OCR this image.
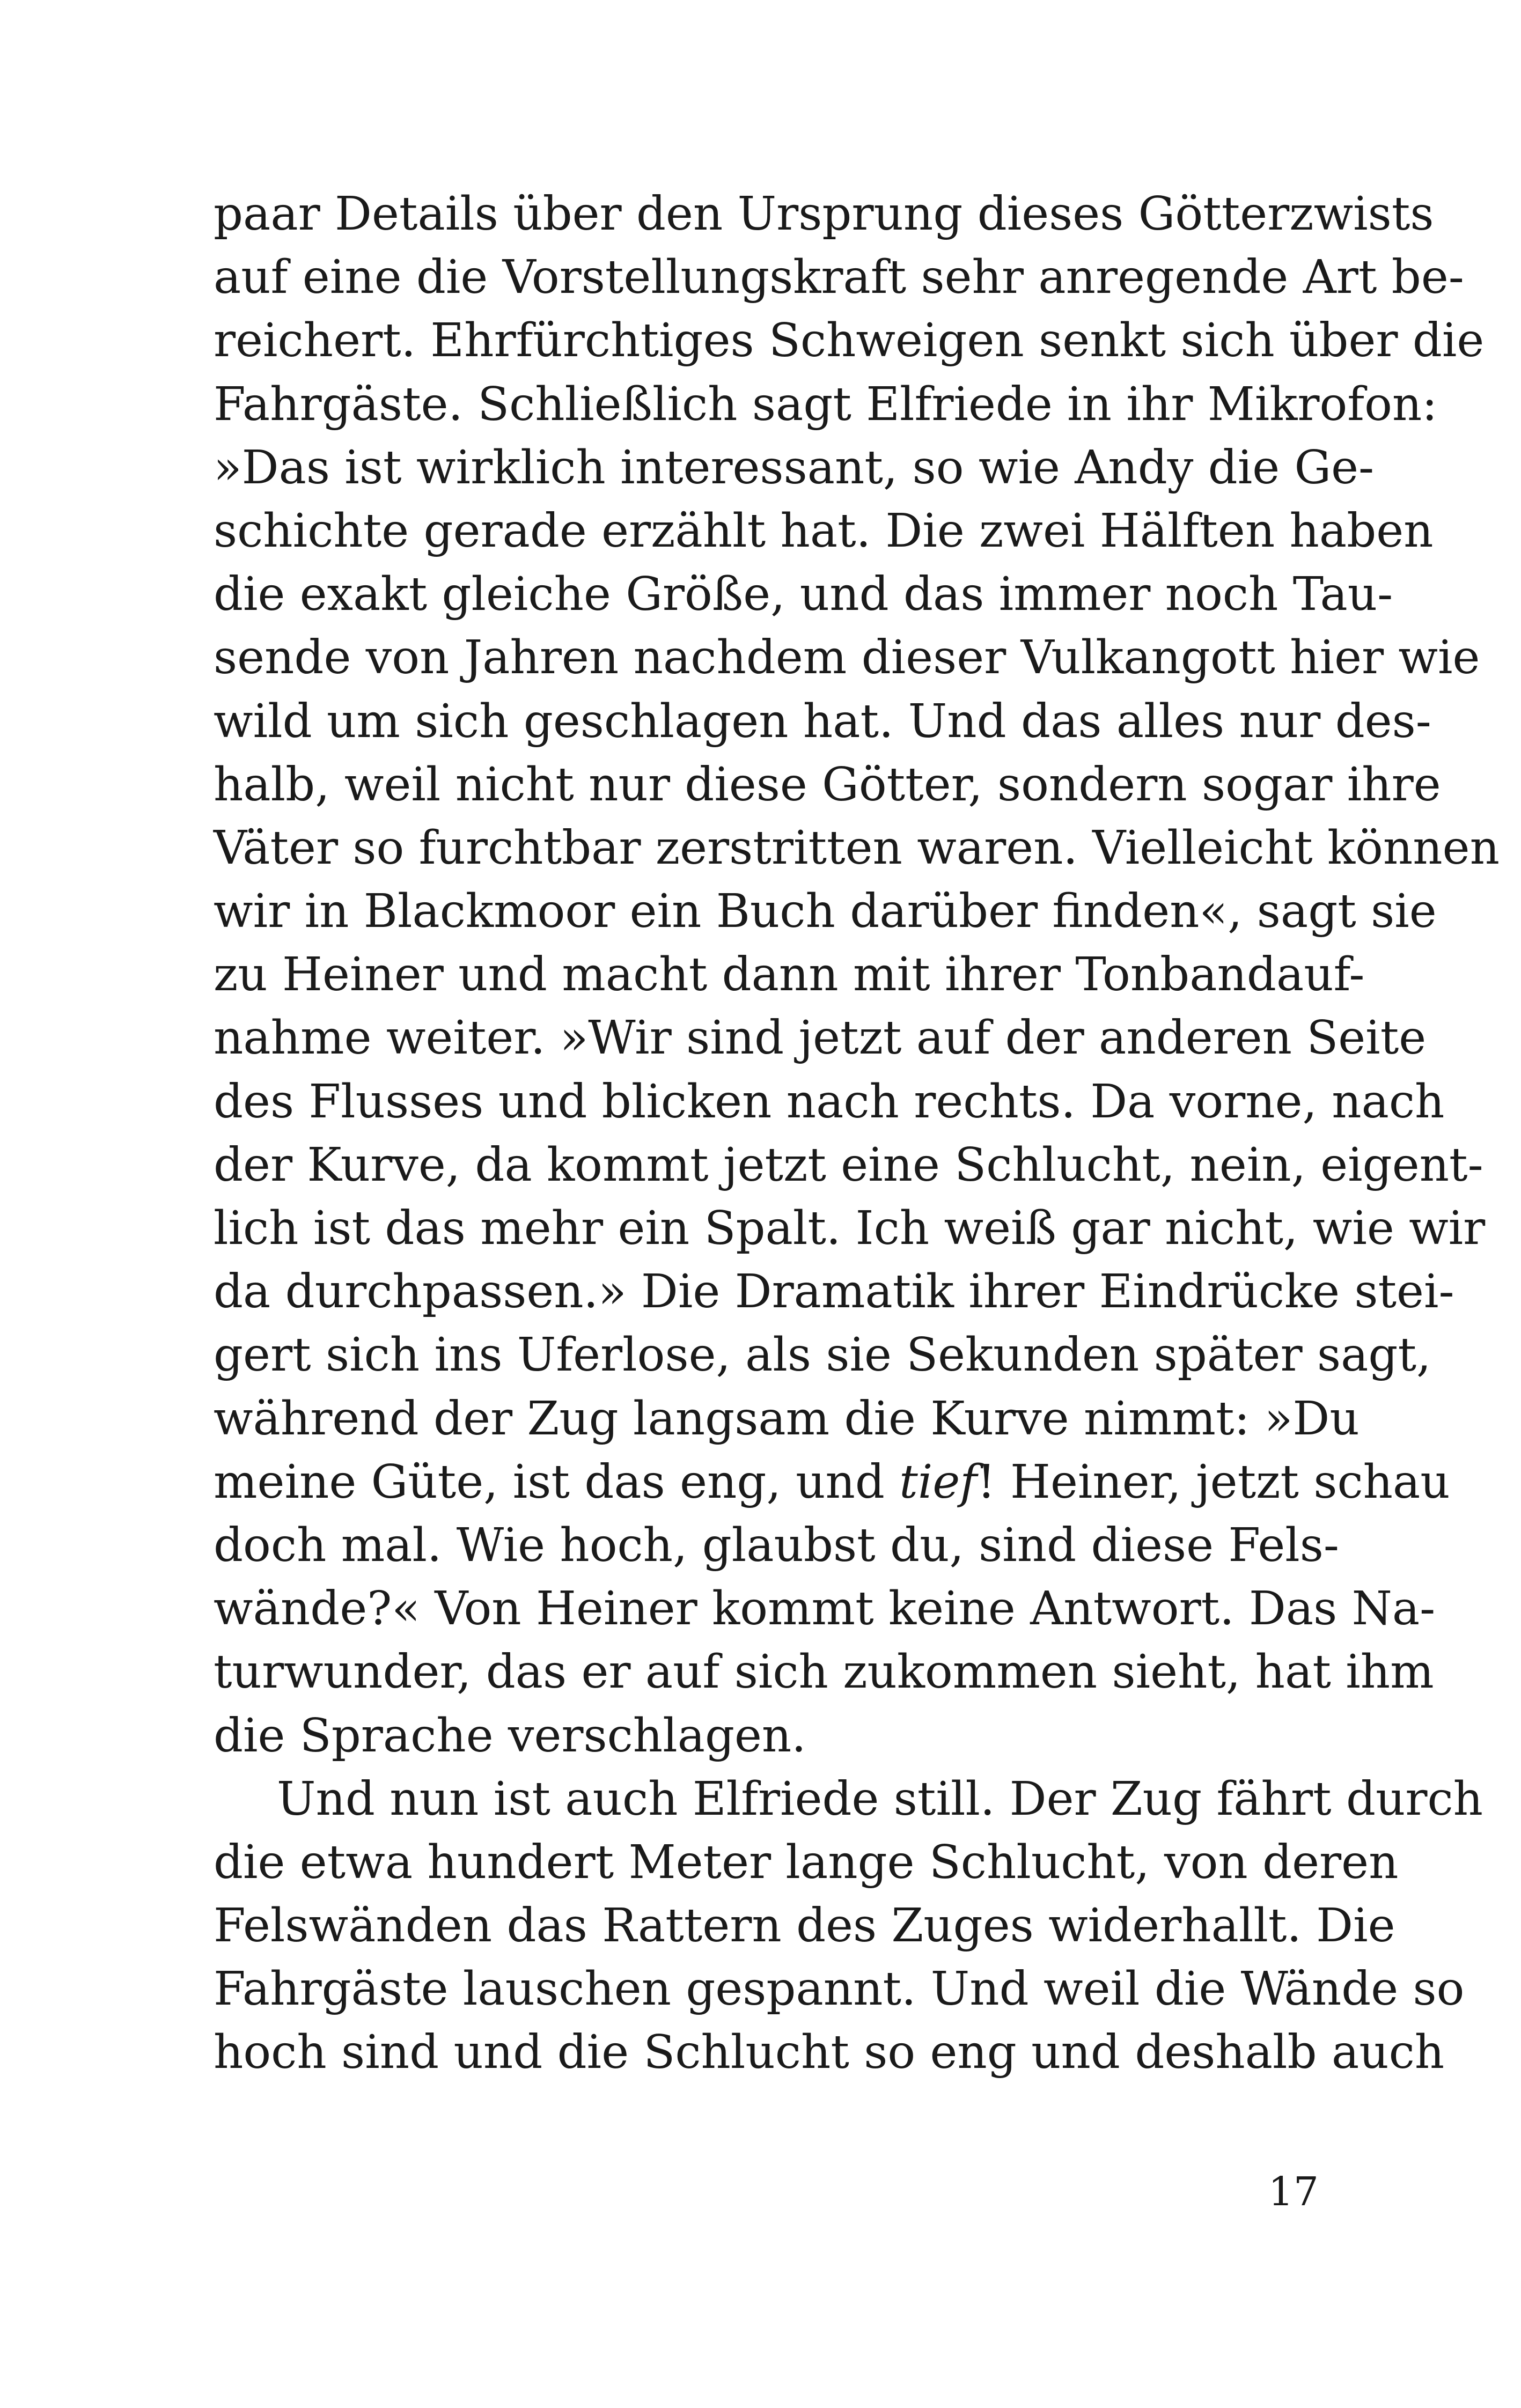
paar Details über den Ursprung dieses Götterzwists
auf eine die Vorstellungskraft sehr anregende Art be-
reichert. Ehrfürchtiges Schweigen senkt sich über die
Fahrgäste. Schließlich sagt Elfriede in ihr Mikrofon:
»Das ist wirklich interessant, so wie Andy die Ge-
schichte gerade erzählt hat. Die zwei Hälften haben
die exakt gleiche Größe, und das immer noch Tau-
sende von Jahren nachdem dieser Vulkangott hier wie
wild um sich geschlagen hat. Und das alles nur des-
halb, weil nicht nur diese Götter, sondern sogar ihre
Väter so furchtbar zerstritten waren. Vielleicht können
wir in Blackmoor ein Buch darüber finden«, sagt sie
zu Heiner und macht dann mit ihrer Tonbandauf-
nahme weiter. »Wir sind jetzt auf der anderen Seite
des Flusses und blicken nach rechts. Da vorne, nach
der Kurve, da kommt jetzt eine Schlucht, nein, eigent-
lich ist das mehr ein Spalt. Ich weiß gar nicht, wie wir
da durchpassen.» Die Dramatik ihrer Eindrücke stei-
gert sich ins Uferlose, als sie Sekunden später sagt,
während der Zug langsam die Kurve nimmt: »Du
meine Güte, ist das eng, und tief! Heiner, jetzt schau
doch mal. Wie hoch, glaubst du, sind diese Fels-
wände?« Von Heiner kommt keine Antwort. Das Na-
turwunder, das er auf sich zukommen sieht, hat ihm
die Sprache verschlagen.
Und nun ist auch Elfriede still. Der Zug fährt durch
die etwa hundert Meter lange Schlucht, von deren
Felswänden das Rattern des Zuges widerhallt. Die
Fahrgäste lauschen gespannt. Und weil die Wände so
hoch sind und die Schlucht so eng und deshalb auch
17
